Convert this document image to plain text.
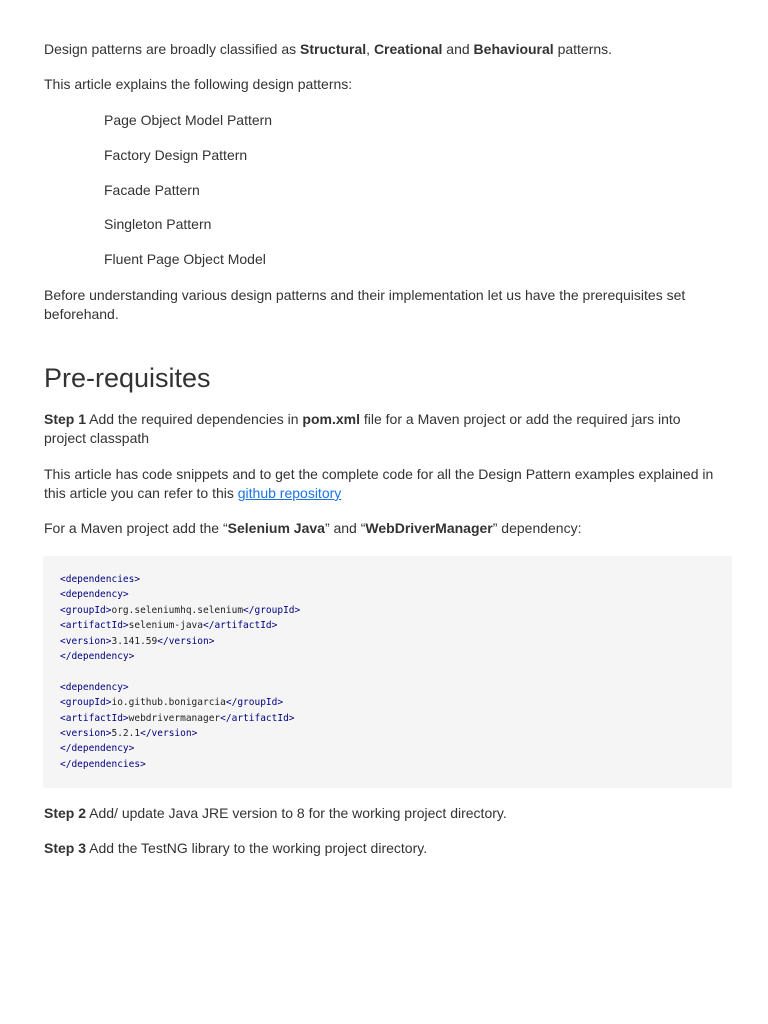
Design patterns are broadly classified as Structural, Creational and Behavioural patterns.

This article explains the following design patterns:

Page Object Model Pattern

Factory Design Pattern

Facade Pattern

Singleton Pattern

Fluent Page Object Model

Before understanding various design patterns and their implementation let us have the prerequisites set beforehand.

Pre-requisites

Step 1 Add the required dependencies in pom.xml file for a Maven project or add the required jars into project classpath

This article has code snippets and to get the complete code for all the Design Pattern examples explained in this article you can refer to this github repository

For a Maven project add the “Selenium Java” and “WebDriverManager” dependency:

<dependencies>
<dependency>
<groupId>org.seleniumhq.selenium</groupId>
<artifactId>selenium-java</artifactId>
<version>3.141.59</version>
</dependency>

<dependency>
<groupId>io.github.bonigarcia</groupId>
<artifactId>webdrivermanager</artifactId>
<version>5.2.1</version>
</dependency>
</dependencies>

Step 2 Add/ update Java JRE version to 8 for the working project directory.

Step 3 Add the TestNG library to the working project directory.
